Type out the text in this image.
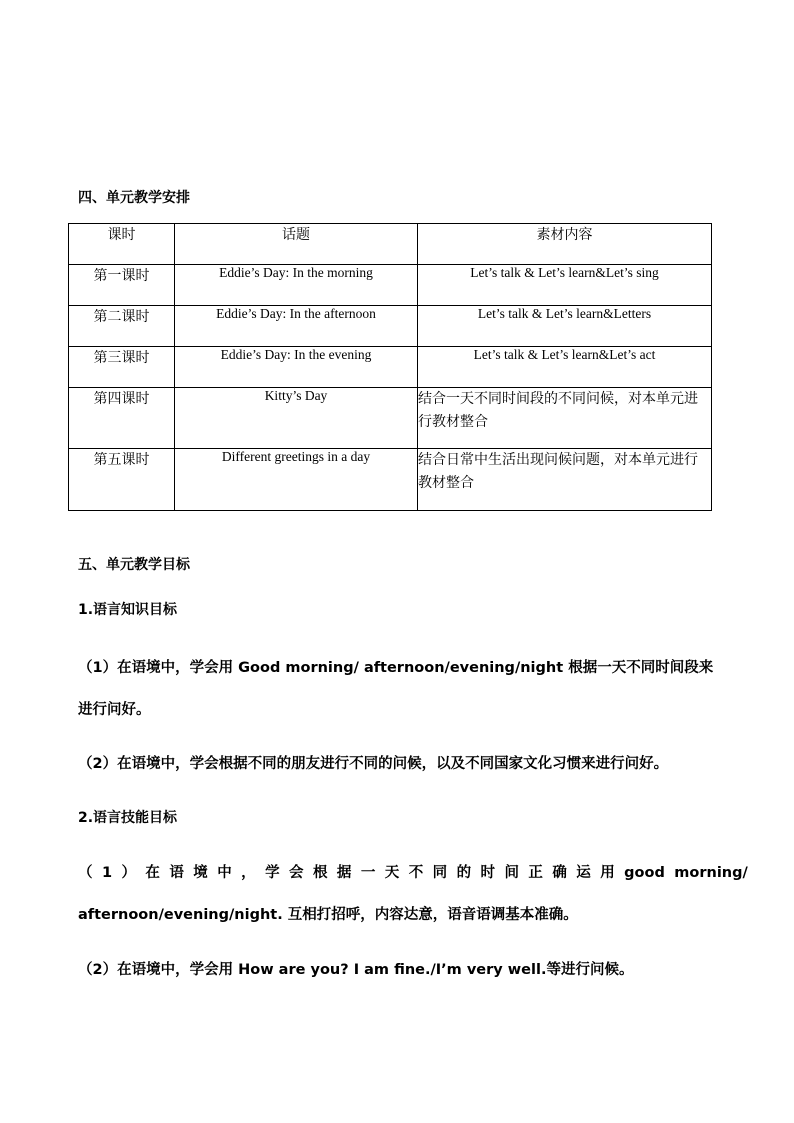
四、单元教学安排
课时	话题	素材内容
第一课时	Eddie’s Day: In the morning	Let’s talk & Let’s learn&Let’s sing
第二课时	Eddie’s Day: In the afternoon	Let’s talk & Let’s learn&Letters
第三课时	Eddie’s Day: In the evening	Let’s talk & Let’s learn&Let’s act
第四课时	Kitty’s Day	结合一天不同时间段的不同问候，对本单元进行教材整合
第五课时	Different greetings in a day	结合日常中生活出现问候问题，对本单元进行教材整合
五、单元教学目标
1.语言知识目标
（1）在语境中，学会用 Good morning/ afternoon/evening/night 根据一天不同时间段来
进行问好。
（2）在语境中，学会根据不同的朋友进行不同的问候，以及不同国家文化习惯来进行问好。
2.语言技能目标
（ 1 ） 在 语 境 中 ， 学 会 根 据 一 天 不 同 的 时 间 正 确 运 用 good morning/
afternoon/evening/night. 互相打招呼，内容达意，语音语调基本准确。
（2）在语境中，学会用 How are you? I am fine./I’m very well.等进行问候。
